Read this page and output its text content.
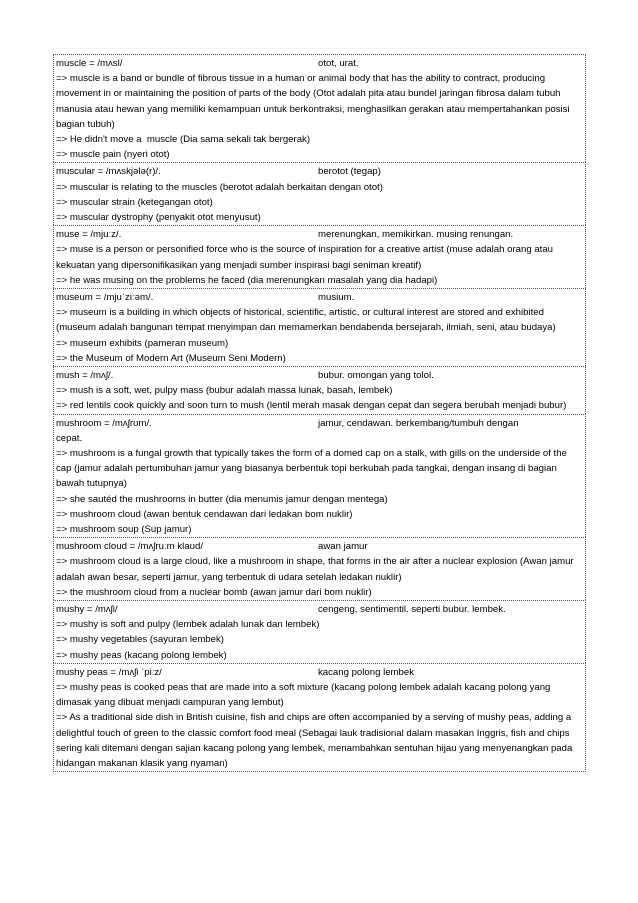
muscle = /mʌsl/	otot, urat.
=> muscle is a band or bundle of fibrous tissue in a human or animal body that has the ability to contract, producing movement in or maintaining the position of parts of the body (Otot adalah pita atau bundel jaringan fibrosa dalam tubuh manusia atau hewan yang memiliki kemampuan untuk berkontraksi, menghasilkan gerakan atau mempertahankan posisi bagian tubuh)
=> He didn't move a  muscle (Dia sama sekali tak bergerak)
=> muscle pain (nyeri otot)
muscular = /mʌskjələ(r)/.	berotot (tegap)
=> muscular is relating to the muscles (berotot adalah berkaitan dengan otot)
=> muscular strain (ketegangan otot)
=> muscular dystrophy (penyakit otot menyusut)
muse = /mjuːz/.	merenungkan, memikirkan. musing renungan.
=> muse is a person or personified force who is the source of inspiration for a creative artist (muse adalah orang atau kekuatan yang dipersonifikasikan yang menjadi sumber inspirasi bagi seniman kreatif)
=> he was musing on the problems he faced (dia merenungkan masalah yang dia hadapi)
museum = /mjuˈziːəm/.	musium.
=> museum is a building in which objects of historical, scientific, artistic, or cultural interest are stored and exhibited (museum adalah bangunan tempat menyimpan dan memamerkan bendabenda bersejarah, ilmiah, seni, atau budaya)
=> museum exhibits (pameran museum)
=> the Museum of Modern Art (Museum Seni Modern)
mush = /mʌʃ/.	bubur. omongan yang tolol.
=> mush is a soft, wet, pulpy mass (bubur adalah massa lunak, basah, lembek)
=> red lentils cook quickly and soon turn to mush (lentil merah masak dengan cepat dan segera berubah menjadi bubur)
mushroom = /mʌʃrʊm/.	jamur, cendawan. berkembang/tumbuh dengan
cepat.
=> mushroom is a fungal growth that typically takes the form of a domed cap on a stalk, with gills on the underside of the cap (jamur adalah pertumbuhan jamur yang biasanya berbentuk topi berkubah pada tangkai, dengan insang di bagian bawah tutupnya)
=> she sautéd the mushrooms in butter (dia menumis jamur dengan mentega)
=> mushroom cloud (awan bentuk cendawan dari ledakan bom nuklir)
=> mushroom soup (Sup jamur)
mushroom cloud = /mʌʃruːm klaʊd/	awan jamur
=> mushroom cloud is a large cloud, like a mushroom in shape, that forms in the air after a nuclear explosion (Awan jamur adalah awan besar, seperti jamur, yang terbentuk di udara setelah ledakan nuklir)
=> the mushroom cloud from a nuclear bomb (awan jamur dari bom nuklir)
mushy = /mʌʃi/	cengeng, sentimentil. seperti bubur. lembek.
=> mushy is soft and pulpy (lembek adalah lunak dan lembek)
=> mushy vegetables (sayuran lembek)
=> mushy peas (kacang polong lembek)
mushy peas = /mʌʃi ˈpiːz/	kacang polong lembek
=> mushy peas is cooked peas that are made into a soft mixture (kacang polong lembek adalah kacang polong yang dimasak yang dibuat menjadi campuran yang lembut)
=> As a traditional side dish in British cuisine, fish and chips are often accompanied by a serving of mushy peas, adding a delightful touch of green to the classic comfort food meal (Sebagai lauk tradisional dalam masakan Inggris, fish and chips sering kali ditemani dengan sajian kacang polong yang lembek, menambahkan sentuhan hijau yang menyenangkan pada hidangan makanan klasik yang nyaman)
